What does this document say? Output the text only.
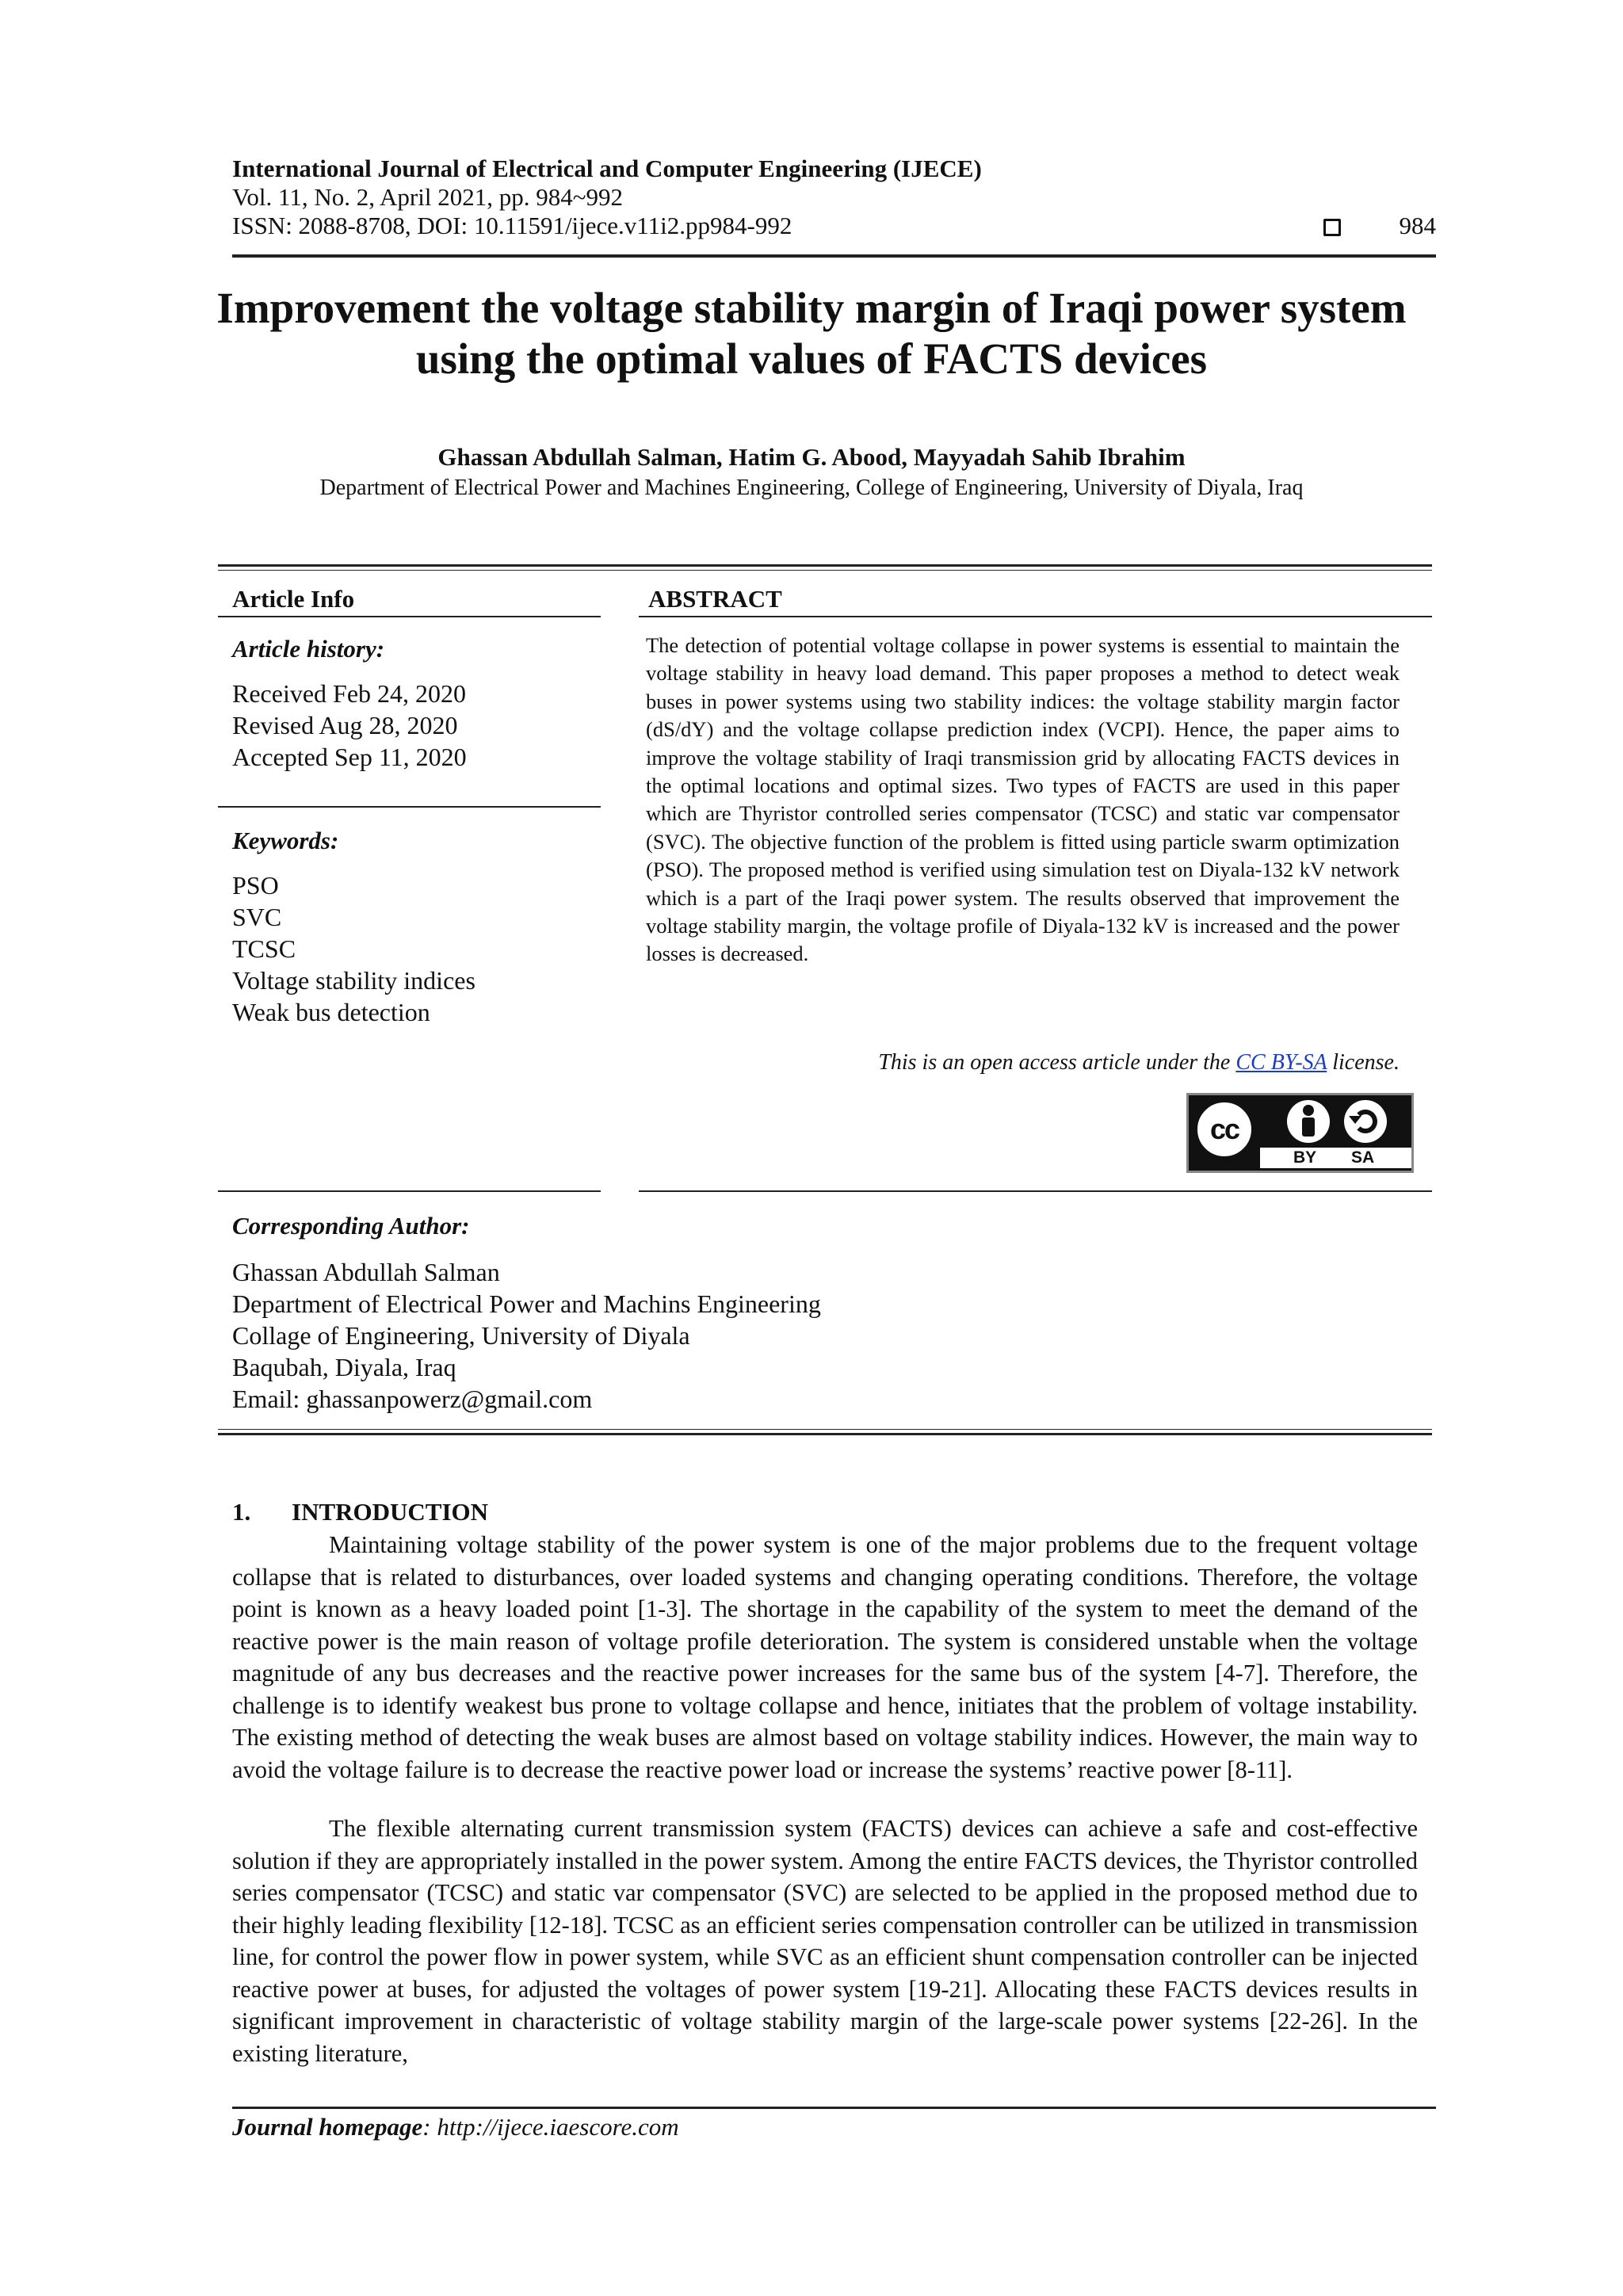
International Journal of Electrical and Computer Engineering (IJECE)
Vol. 11, No. 2, April 2021, pp. 984~992
ISSN: 2088-8708, DOI: 10.11591/ijece.v11i2.pp984-992	984
Improvement the voltage stability margin of Iraqi power system
using the optimal values of FACTS devices
Ghassan Abdullah Salman, Hatim G. Abood, Mayyadah Sahib Ibrahim
Department of Electrical Power and Machines Engineering, College of Engineering, University of Diyala, Iraq
Article Info
Article history:
Received Feb 24, 2020
Revised Aug 28, 2020
Accepted Sep 11, 2020
Keywords:
PSO
SVC
TCSC
Voltage stability indices
Weak bus detection
ABSTRACT
The detection of potential voltage collapse in power systems is essential to maintain the voltage stability in heavy load demand. This paper proposes a method to detect weak buses in power systems using two stability indices: the voltage stability margin factor (dS/dY) and the voltage collapse prediction index (VCPI). Hence, the paper aims to improve the voltage stability of Iraqi transmission grid by allocating FACTS devices in the optimal locations and optimal sizes. Two types of FACTS are used in this paper which are Thyristor controlled series compensator (TCSC) and static var compensator (SVC). The objective function of the problem is fitted using particle swarm optimization (PSO). The proposed method is verified using simulation test on Diyala-132 kV network which is a part of the Iraqi power system. The results observed that improvement the voltage stability margin, the voltage profile of Diyala-132 kV is increased and the power losses is decreased.
This is an open access article under the CC BY-SA license.
cc
BY SA
Corresponding Author:
Ghassan Abdullah Salman
Department of Electrical Power and Machins Engineering
Collage of Engineering, University of Diyala
Baqubah, Diyala, Iraq
Email: ghassanpowerz@gmail.com
1. INTRODUCTION
Maintaining voltage stability of the power system is one of the major problems due to the frequent voltage collapse that is related to disturbances, over loaded systems and changing operating conditions. Therefore, the voltage point is known as a heavy loaded point [1-3]. The shortage in the capability of the system to meet the demand of the reactive power is the main reason of voltage profile deterioration. The system is considered unstable when the voltage magnitude of any bus decreases and the reactive power increases for the same bus of the system [4-7]. Therefore, the challenge is to identify weakest bus prone to voltage collapse and hence, initiates that the problem of voltage instability. The existing method of detecting the weak buses are almost based on voltage stability indices. However, the main way to avoid the voltage failure is to decrease the reactive power load or increase the systems’ reactive power [8-11].
The flexible alternating current transmission system (FACTS) devices can achieve a safe and cost-effective solution if they are appropriately installed in the power system. Among the entire FACTS devices, the Thyristor controlled series compensator (TCSC) and static var compensator (SVC) are selected to be applied in the proposed method due to their highly leading flexibility [12-18]. TCSC as an efficient series compensation controller can be utilized in transmission line, for control the power flow in power system, while SVC as an efficient shunt compensation controller can be injected reactive power at buses, for adjusted the voltages of power system [19-21]. Allocating these FACTS devices results in significant improvement in characteristic of voltage stability margin of the large-scale power systems [22-26]. In the existing literature,
Journal homepage: http://ijece.iaescore.com
